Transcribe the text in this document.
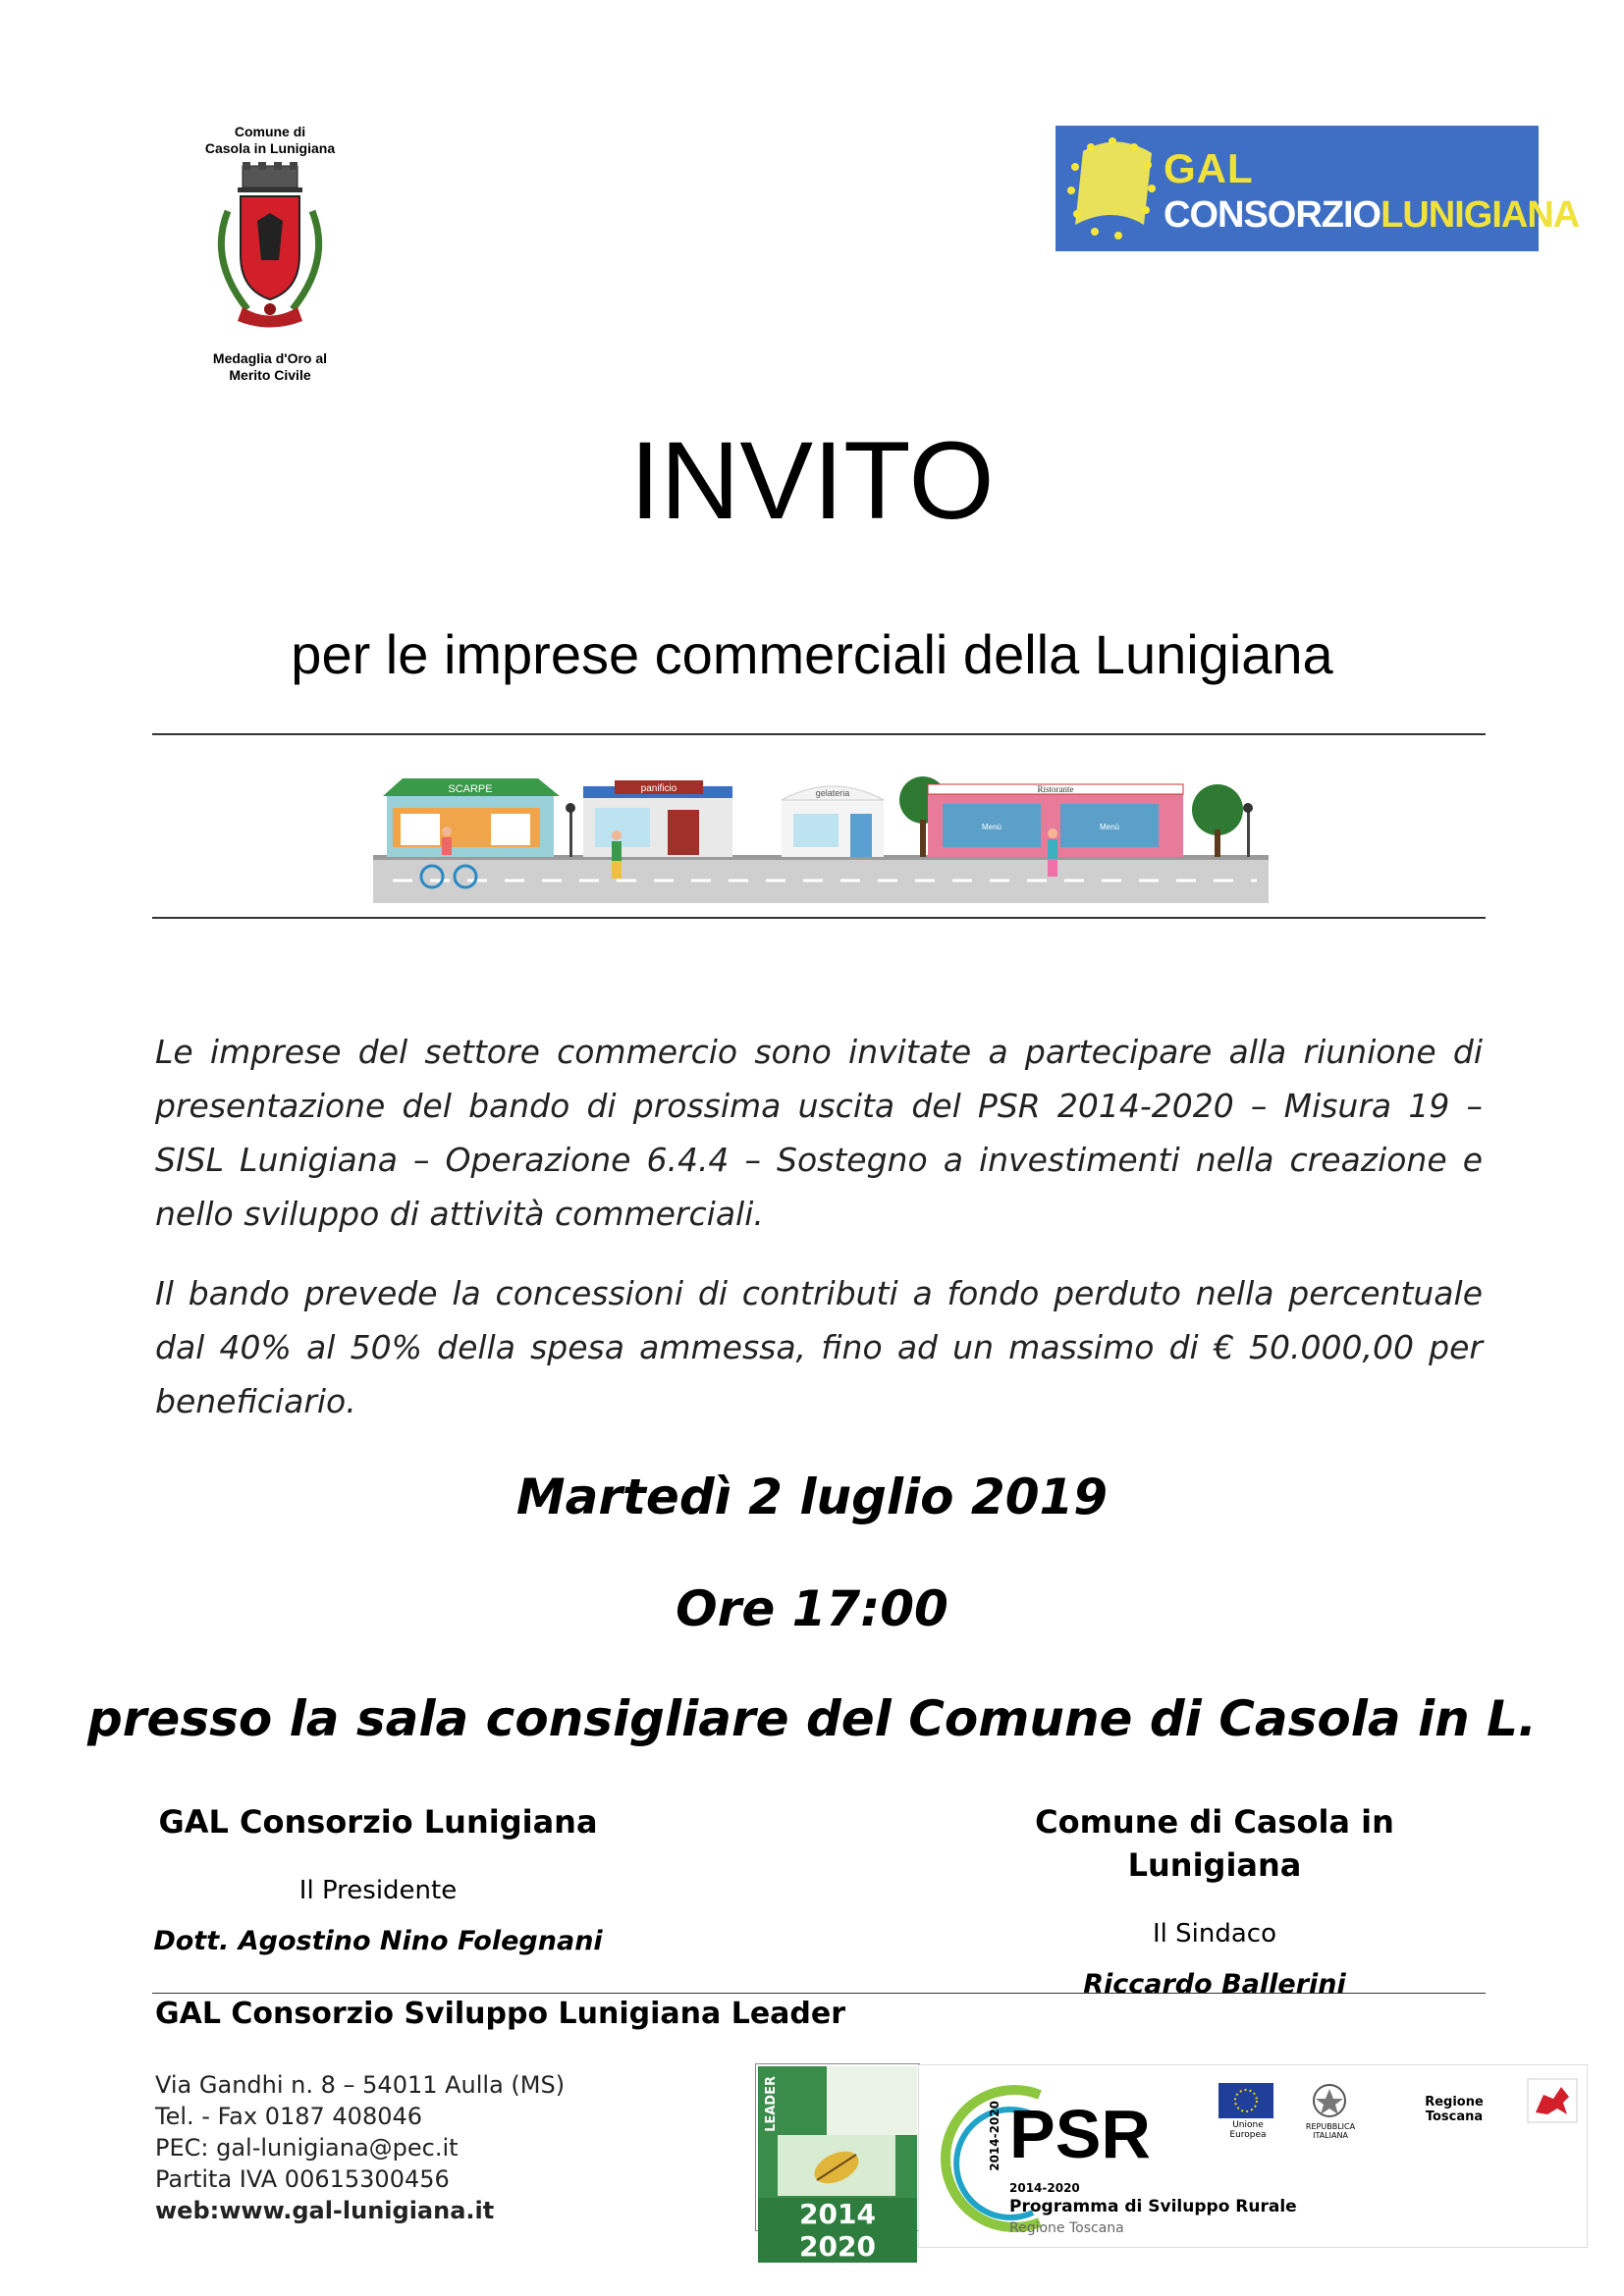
Comune di
Casola in Lunigiana
Medaglia d'Oro al
Merito Civile
GAL
CONSORZIOLUNIGIANA
INVITO
per le imprese commerciali della Lunigiana
SCARPE	panificio	gelateria	Ristorante
Menù	Menù
Le imprese del settore commercio sono invitate a partecipare alla riunione di presentazione del bando di prossima uscita del PSR 2014-2020 – Misura 19 – SISL Lunigiana – Operazione 6.4.4 – Sostegno a investimenti nella creazione e nello sviluppo di attività commerciali.
Il bando prevede la concessioni di contributi a fondo perduto nella percentuale dal 40% al 50% della spesa ammessa, fino ad un massimo di € 50.000,00 per beneficiario.
Martedì 2 luglio 2019
Ore 17:00
presso la sala consigliare del Comune di Casola in L.
GAL Consorzio Lunigiana
Il Presidente
Dott. Agostino Nino Folegnani
Comune di Casola in Lunigiana
Il Sindaco
Riccardo Ballerini
GAL Consorzio Sviluppo Lunigiana Leader
Via Gandhi n. 8 – 54011 Aulla (MS)
Tel. - Fax 0187 408046
PEC: gal-lunigiana@pec.it
Partita IVA 00615300456
web:www.gal-lunigiana.it
LEADER
2014 2020
2014-2020 PSR
2014-2020
Programma di Sviluppo Rurale
Regione Toscana
Unione Europea
REPUBBLICA ITALIANA
Regione Toscana
